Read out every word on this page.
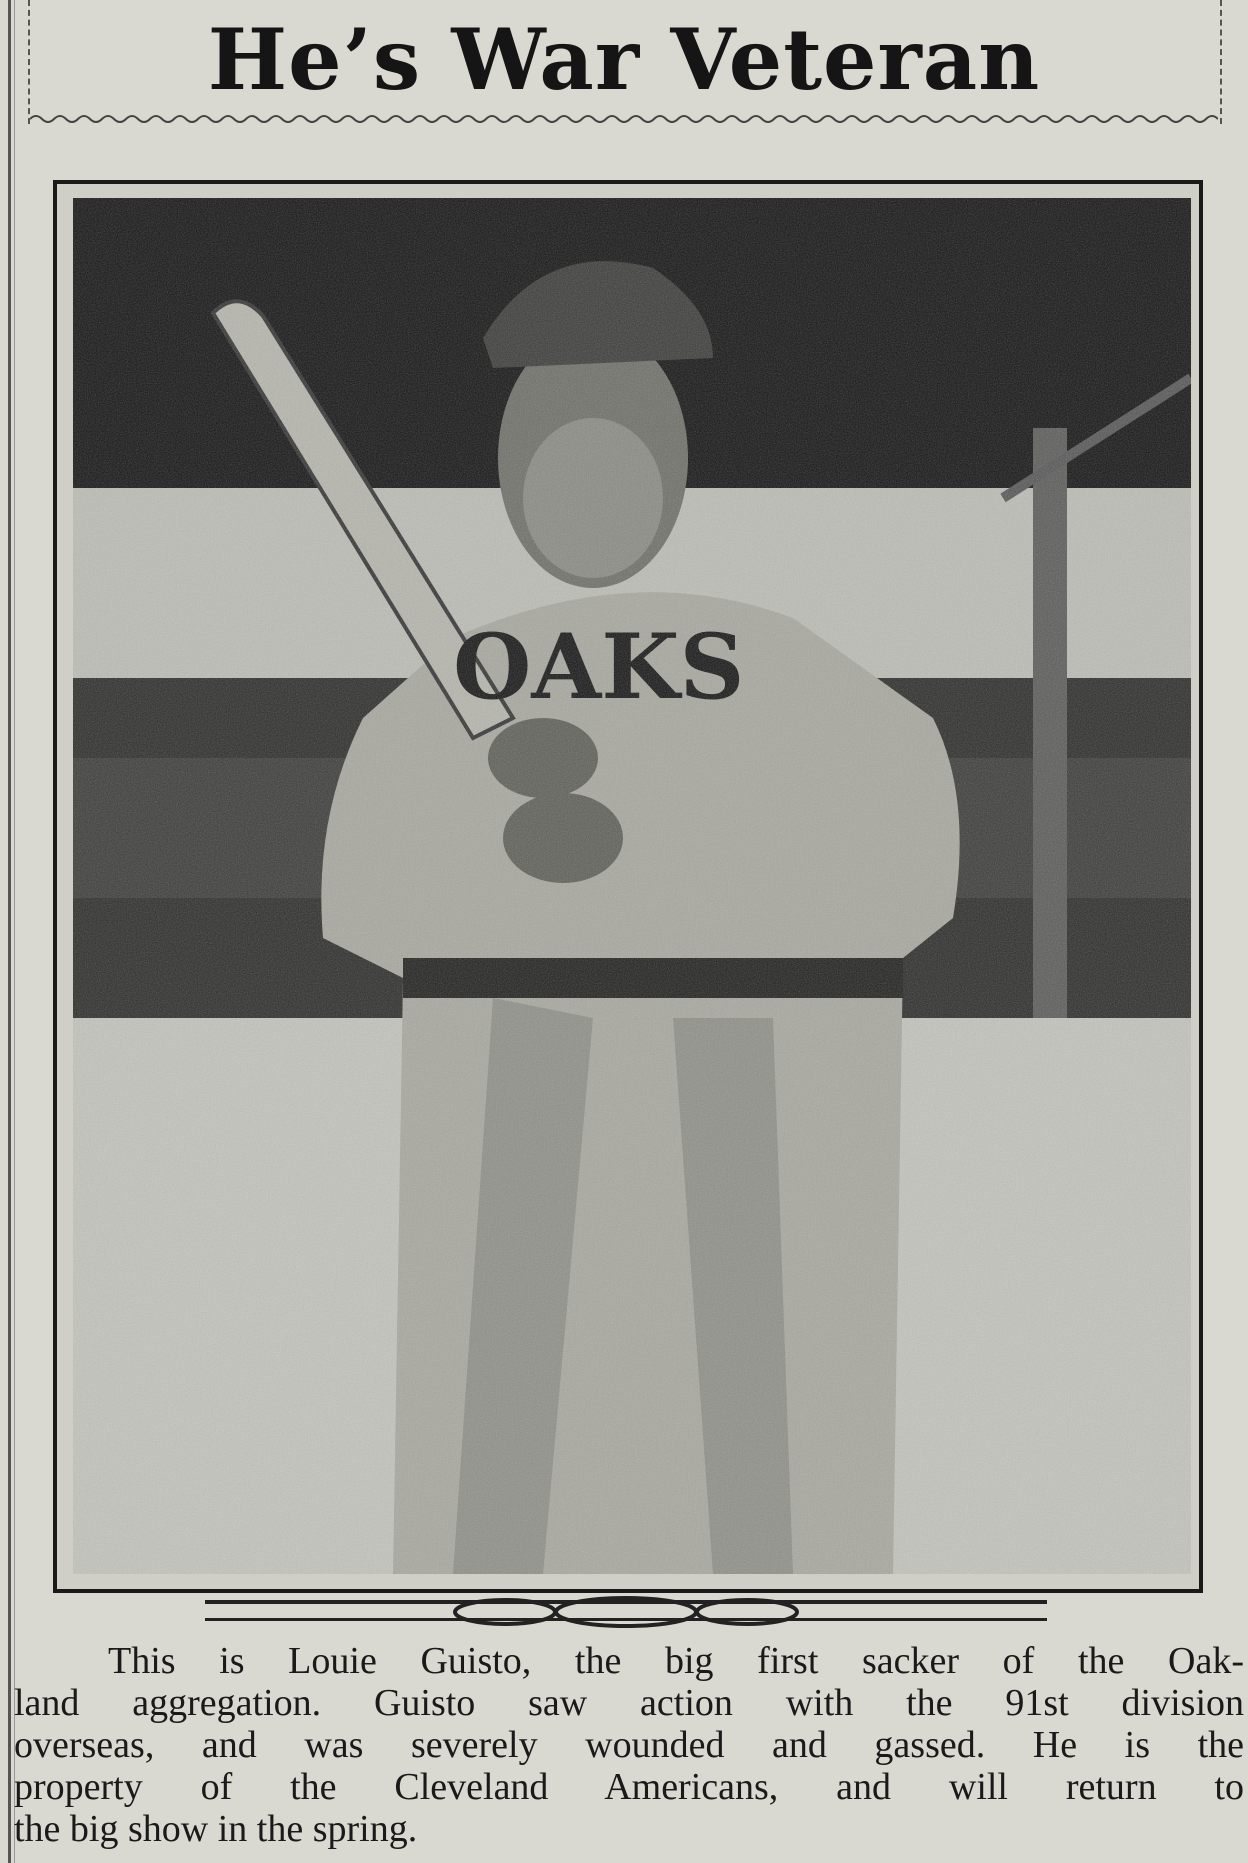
He’s War Veteran
This is Louie Guisto, the big first sacker of the Oak-
land aggregation. Guisto saw action with the 91st division
overseas, and was severely wounded and gassed. He is the
property of the Cleveland Americans, and will return to
the big show in the spring.
